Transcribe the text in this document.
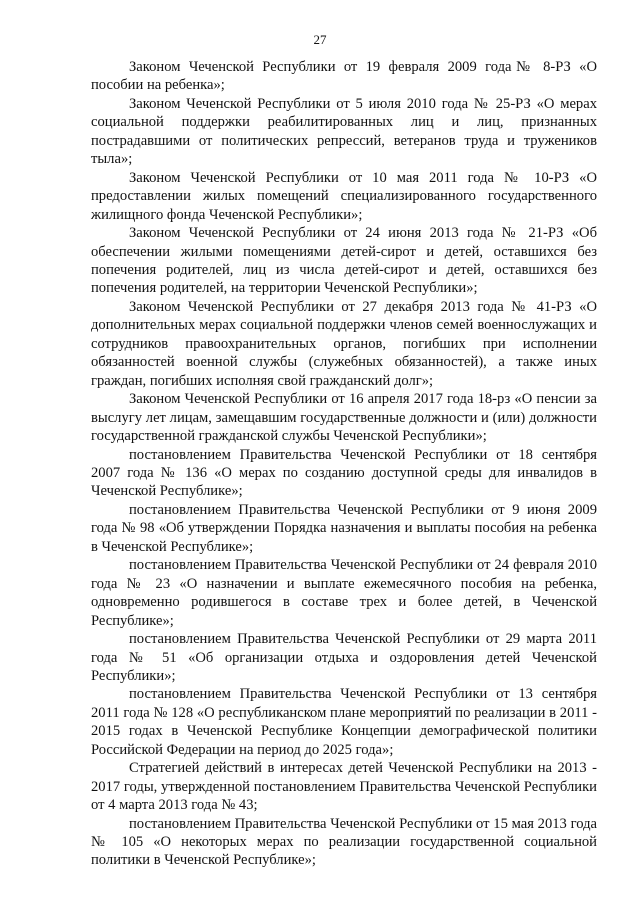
27

Законом Чеченской Республики от 19 февраля 2009 года№ 8-РЗ «О пособии на ребенка»;

Законом Чеченской Республики от 5 июля 2010 года № 25-РЗ «О мерах социальной поддержки реабилитированных лиц и лиц, признанных пострадавшими от политических репрессий, ветеранов труда и тружеников тыла»;

Законом Чеченской Республики от 10 мая 2011 года № 10-РЗ «О предоставлении жилых помещений специализированного государственного жилищного фонда Чеченской Республики»;

Законом Чеченской Республики от 24 июня 2013 года № 21-РЗ «Об обеспечении жилыми помещениями детей-сирот и детей, оставшихся без попечения родителей, лиц из числа детей-сирот и детей, оставшихся без попечения родителей, на территории Чеченской Республики»;

Законом Чеченской Республики от 27 декабря 2013 года № 41-РЗ «О дополнительных мерах социальной поддержки членов семей военнослужащих и сотрудников правоохранительных органов, погибших при исполнении обязанностей военной службы (служебных обязанностей), а также иных граждан, погибших исполняя свой гражданский долг»;

Законом Чеченской Республики от 16 апреля 2017 года 18-рз «О пенсии за выслугу лет лицам, замещавшим государственные должности и (или) должности государственной гражданской службы Чеченской Республики»;

постановлением Правительства Чеченской Республики от 18 сентября 2007 года № 136 «О мерах по созданию доступной среды для инвалидов в Чеченской Республике»;

постановлением Правительства Чеченской Республики от 9 июня 2009 года № 98 «Об утверждении Порядка назначения и выплаты пособия на ребенка в Чеченской Республике»;

постановлением Правительства Чеченской Республики от 24 февраля 2010 года № 23 «О назначении и выплате ежемесячного пособия на ребенка, одновременно родившегося в составе трех и более детей, в Чеченской Республике»;

постановлением Правительства Чеченской Республики от 29 марта 2011 года № 51 «Об организации отдыха и оздоровления детей Чеченской Республики»;

постановлением Правительства Чеченской Республики от 13 сентября 2011 года № 128 «О республиканском плане мероприятий по реализации в 2011 - 2015 годах в Чеченской Республике Концепции демографической политики Российской Федерации на период до 2025 года»;

Стратегией действий в интересах детей Чеченской Республики на 2013 - 2017 годы, утвержденной постановлением Правительства Чеченской Республики от 4 марта 2013 года № 43;

постановлением Правительства Чеченской Республики от 15 мая 2013 года № 105 «О некоторых мерах по реализации государственной социальной политики в Чеченской Республике»;
